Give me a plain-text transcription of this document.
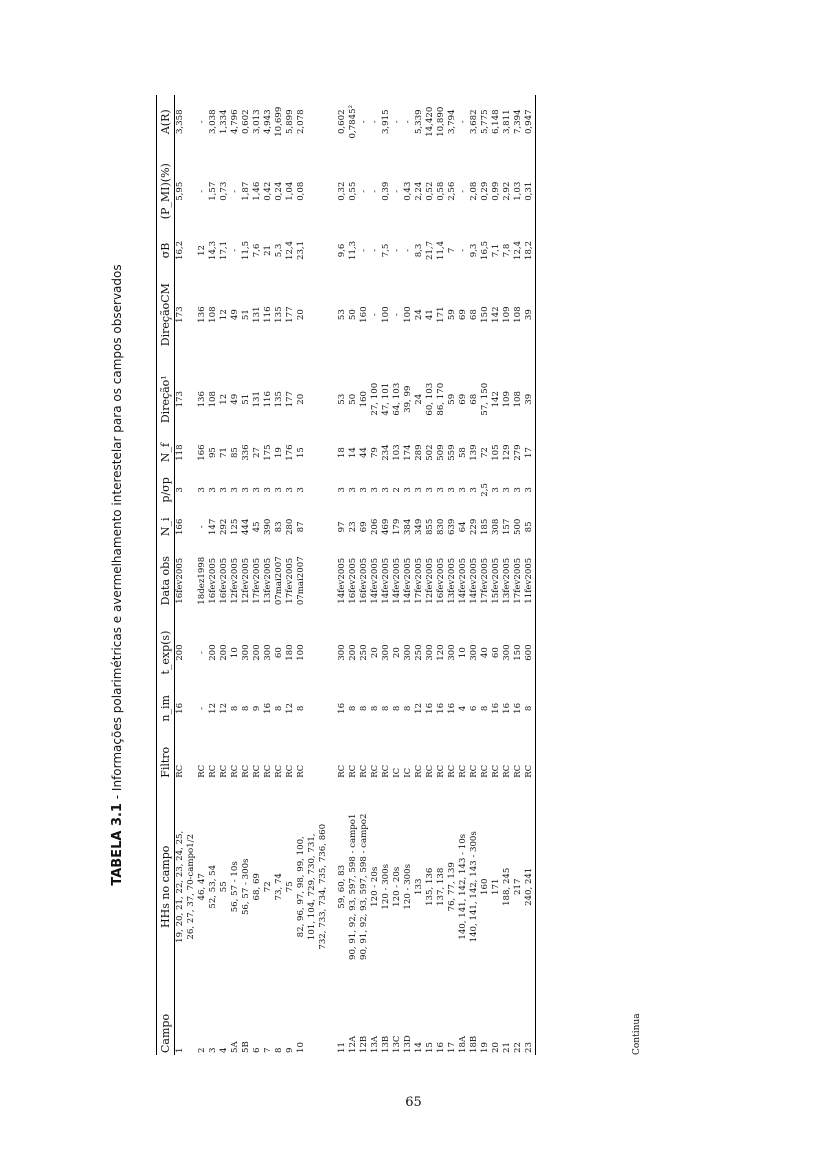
TABELA 3.1 - Informações polarimétricas e avermelhamento interestelar para os campos observados
Campo	HHs no campo	Filtro	n_im	t_exp(s)	Data obs	N_i	p/σp	N_f	Direção¹	DireçãoCM	σB	(P_MI)(%)	A(R)
1	19, 20, 21, 22, 23, 24, 25,	RC	16	200	16fev2005	166	3	118	173	173	16,2	5,95	3,358
	26, 27, 37, 70-campo1/2												
2	46, 47	RC	-	-	18dez1998	-	3	166	136	136	12	-	-
3	52, 53, 54	RC	12	200	16fev2005	147	3	95	108	108	14,3	1,57	3,038
4	55	RC	12	200	16fev2005	292	3	71	12	12	17,1	0,73	1,334
5A	56, 57 - 10s	RC	8	10	12fev2005	125	3	85	49	49	-	-	4,796
5B	56, 57 - 300s	RC	8	300	12fev2005	444	3	336	51	51	11,5	1,87	0,602
6	68, 69	RC	9	200	17fev2005	45	3	27	131	131	7,6	1,46	3,013
7	72	RC	16	300	13fev2005	390	3	175	116	116	21	0,42	4,943
8	73, 74	RC	8	60	07mai2007	83	3	19	135	135	5,3	0,24	10,699
9	75	RC	12	180	17fev2005	280	3	176	177	177	12,4	1,04	5,899
10	82, 96, 97, 98, 99, 100,	RC	8	100	07mai2007	87	3	15	20	20	23,1	0,08	2,078
	101, 104, 729, 730, 731,												
	732, 733, 734, 735, 736, 860												

11	59, 60, 83	RC	16	300	14fev2005	97	3	18	53	53	9,6	0,32	0,602
12A	90, 91, 92, 93, 597, 598 - campo1	RC	8	200	16fev2005	23	3	14	50	50	11,3	0,55	0,7845²
12B	90, 91, 92, 93, 597, 598 - campo2	RC	8	250	16fev2005	69	3	44	160	160	-	-	-
13A	120 - 20s	RC	8	20	14fev2005	206	3	79	27, 100	-	-	-	-
13B	120 - 300s	RC	8	300	14fev2005	469	3	234	47, 101	100	7,5	0,39	3,915
13C	120 - 20s	IC	8	20	14fev2005	179	2	103	64, 103	-	-	-	-
13D	120 - 300s	IC	8	300	14fev2005	384	3	174	39, 99	100	-	0,43	-
14	133	RC	12	250	17fev2005	349	3	289	24	24	8,3	2,24	5,339
15	135, 136	RC	16	300	12fev2005	855	3	502	60, 103	41	21,7	0,52	14,420
16	137, 138	RC	16	120	16fev2005	830	3	509	86, 170	171	11,4	0,58	10,890
17	76, 77, 139	RC	16	300	13fev2005	639	3	559	59	59	7	2,56	3,794
18A	140, 141, 142, 143 - 10s	RC	4	10	14fev2005	64	3	58	69	69	-	-	-
18B	140, 141, 142, 143 - 300s	RC	6	300	14fev2005	229	3	139	68	68	9,3	2,08	3,682
19	160	RC	8	40	17fev2005	185	2,5	72	57, 150	150	16,5	0,29	5,775
20	171	RC	16	60	15fev2005	308	3	105	142	142	7,1	0,99	6,148
21	188, 245	RC	16	300	13fev2005	157	3	129	109	109	7,8	2,92	3,811
22	217	RC	16	150	17fev2005	500	3	279	108	108	12,4	1,03	7,394
23	240, 241	RC	8	600	11fev2005	85	3	17	39	39	18,2	0,31	0,947
Continua
65
